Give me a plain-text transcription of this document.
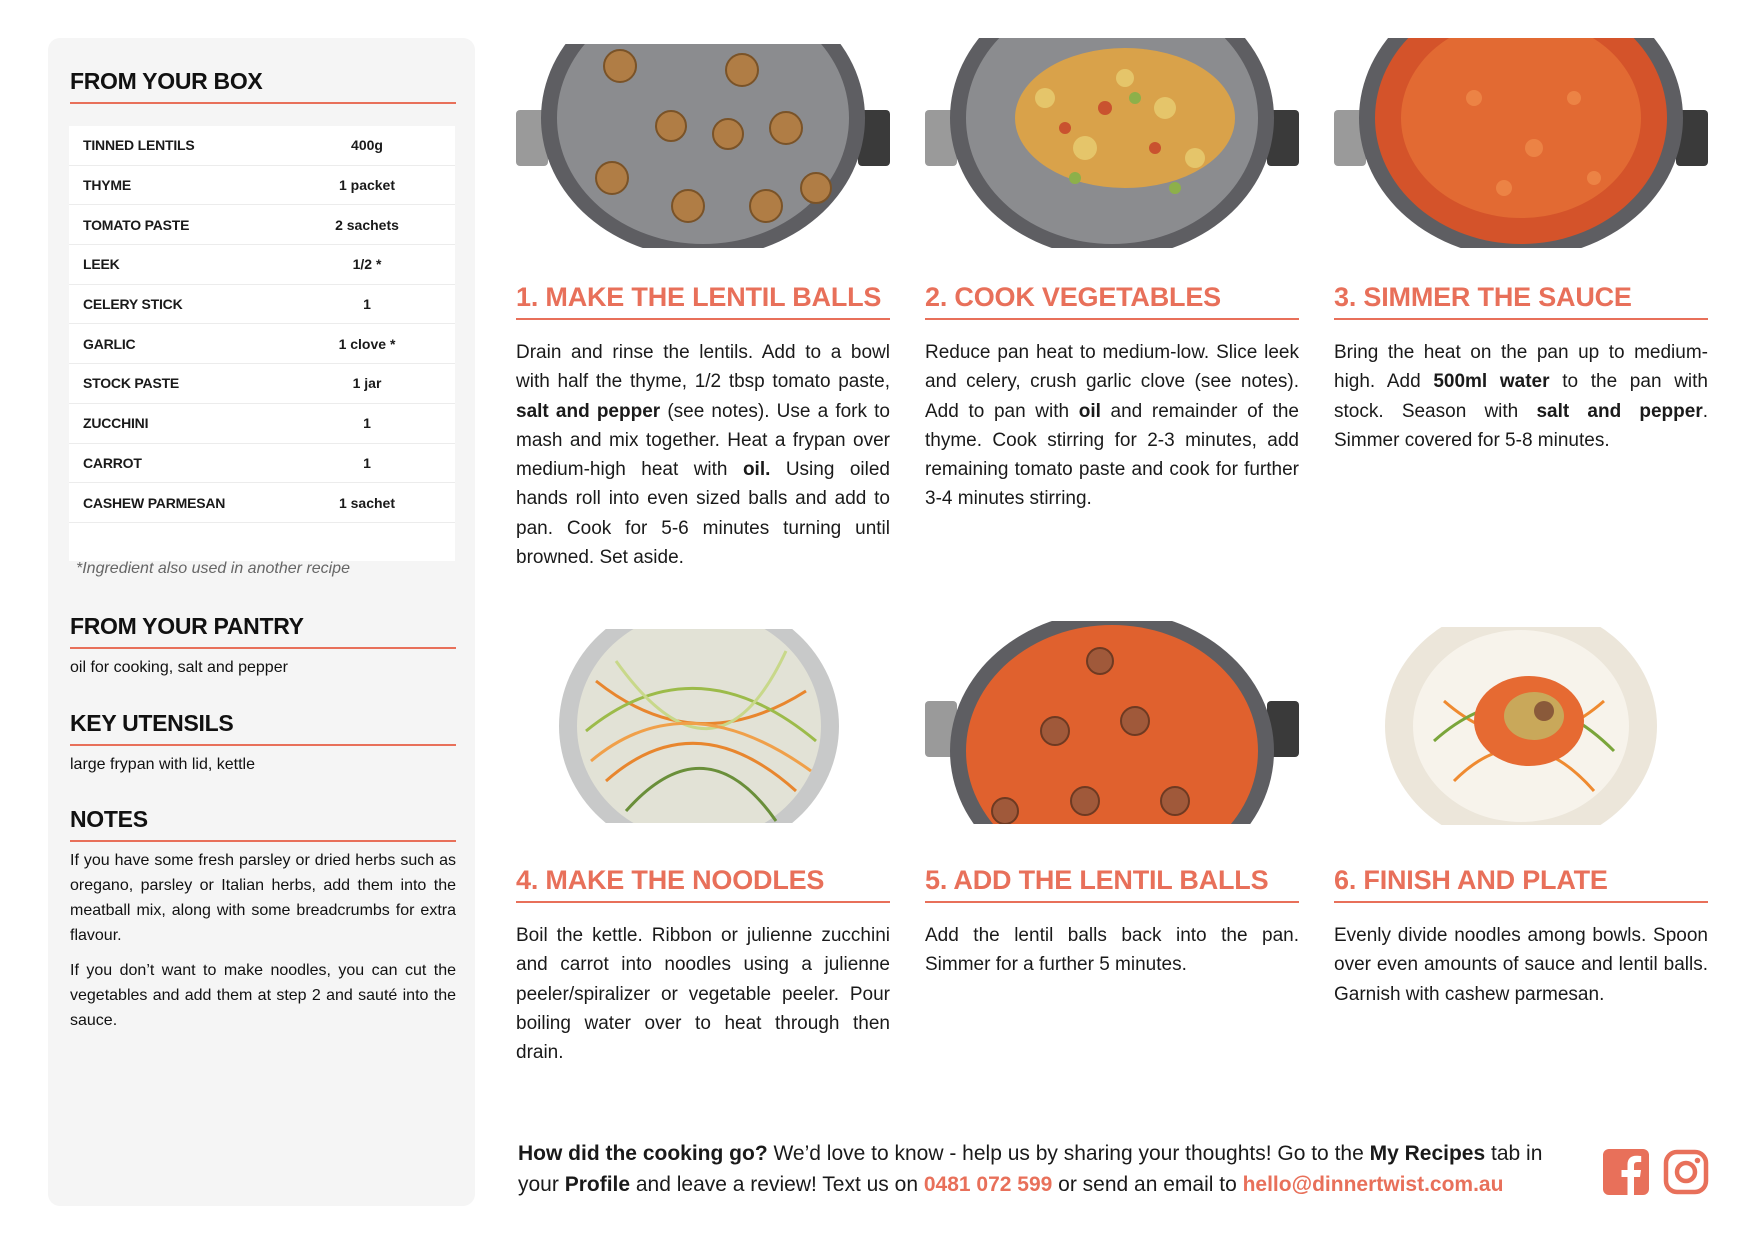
FROM YOUR BOX
TINNED LENTILS	400g
THYME	1 packet
TOMATO PASTE	2 sachets
LEEK	1/2 *
CELERY STICK	1
GARLIC	1 clove *
STOCK PASTE	1 jar
ZUCCHINI	1
CARROT	1
CASHEW PARMESAN	1 sachet
*Ingredient also used in another recipe
FROM YOUR PANTRY
oil for cooking, salt and pepper
KEY UTENSILS
large frypan with lid, kettle
NOTES

If you have some fresh parsley or dried herbs such as oregano, parsley or Italian herbs, add them into the meatball mix, along with some breadcrumbs for extra flavour.

If you don’t want to make noodles, you can cut the vegetables and add them at step 2 and sauté into the sauce.

1. MAKE THE LENTIL BALLS
Drain and rinse the lentils. Add to a bowl with half the thyme, 1/2 tbsp tomato paste, salt and pepper (see notes). Use a fork to mash and mix together. Heat a frypan over medium-high heat with oil. Using oiled hands roll into even sized balls and add to pan. Cook for 5-6 minutes turning until browned. Set aside.
2. COOK VEGETABLES
Reduce pan heat to medium-low. Slice leek and celery, crush garlic clove (see notes). Add to pan with oil and remainder of the thyme. Cook stirring for 2-3 minutes, add remaining tomato paste and cook for further 3-4 minutes stirring.
3. SIMMER THE SAUCE
Bring the heat on the pan up to medium-high. Add 500ml water to the pan with stock. Season with salt and pepper. Simmer covered for 5-8 minutes.
4. MAKE THE NOODLES
Boil the kettle. Ribbon or julienne zucchini and carrot into noodles using a julienne peeler/spiralizer or vegetable peeler. Pour boiling water over to heat through then drain.
5. ADD THE LENTIL BALLS
Add the lentil balls back into the pan. Simmer for a further 5 minutes.
6. FINISH AND PLATE
Evenly divide noodles among bowls. Spoon over even amounts of sauce and lentil balls. Garnish with cashew parmesan.
How did the cooking go? We’d love to know - help us by sharing your thoughts! Go to the My Recipes tab in your Profile and leave a review! Text us on 0481 072 599 or send an email to hello@dinnertwist.com.au
